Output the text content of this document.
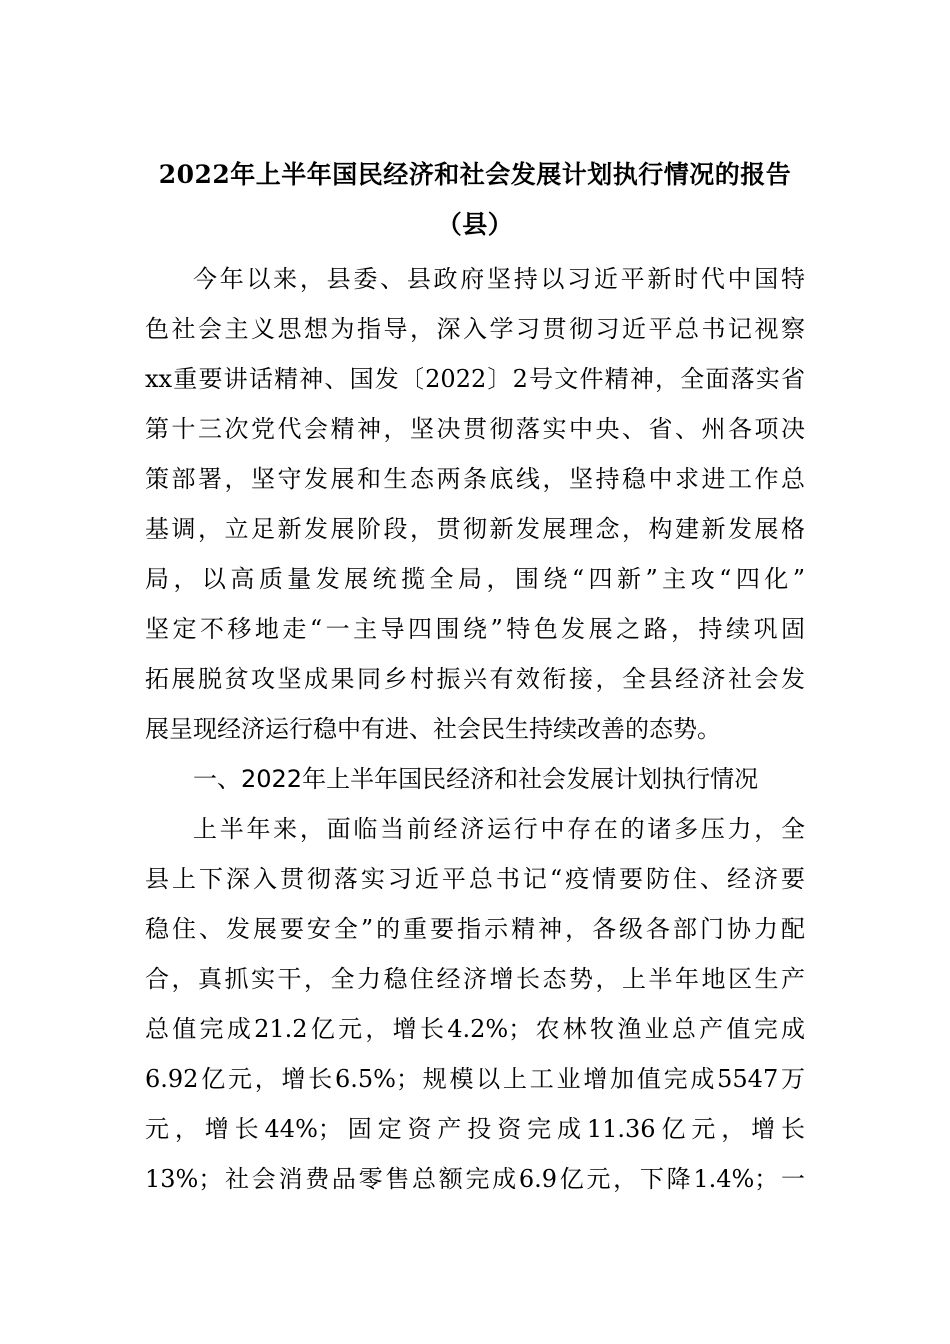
2022年上半年国民经济和社会发展计划执行情况的报告
（县）
今年以来，县委、县政府坚持以习近平新时代中国特
色社会主义思想为指导，深入学习贯彻习近平总书记视察
xx重要讲话精神、国发〔2022〕2号文件精神，全面落实省
第十三次党代会精神，坚决贯彻落实中央、省、州各项决
策部署，坚守发展和生态两条底线，坚持稳中求进工作总
基调，立足新发展阶段，贯彻新发展理念，构建新发展格
局，以高质量发展统揽全局，围绕“四新”主攻“四化”
坚定不移地走“一主导四围绕”特色发展之路，持续巩固
拓展脱贫攻坚成果同乡村振兴有效衔接，全县经济社会发
展呈现经济运行稳中有进、社会民生持续改善的态势。
一、2022年上半年国民经济和社会发展计划执行情况
上半年来，面临当前经济运行中存在的诸多压力，全
县上下深入贯彻落实习近平总书记“疫情要防住、经济要
稳住、发展要安全”的重要指示精神，各级各部门协力配
合，真抓实干，全力稳住经济增长态势，上半年地区生产
总值完成21.2亿元，增长4.2%；农林牧渔业总产值完成
6.92亿元，增长6.5%；规模以上工业增加值完成5547万
元，增长44%；固定资产投资完成11.36亿元，增长
13%；社会消费品零售总额完成6.9亿元，下降1.4%；一
